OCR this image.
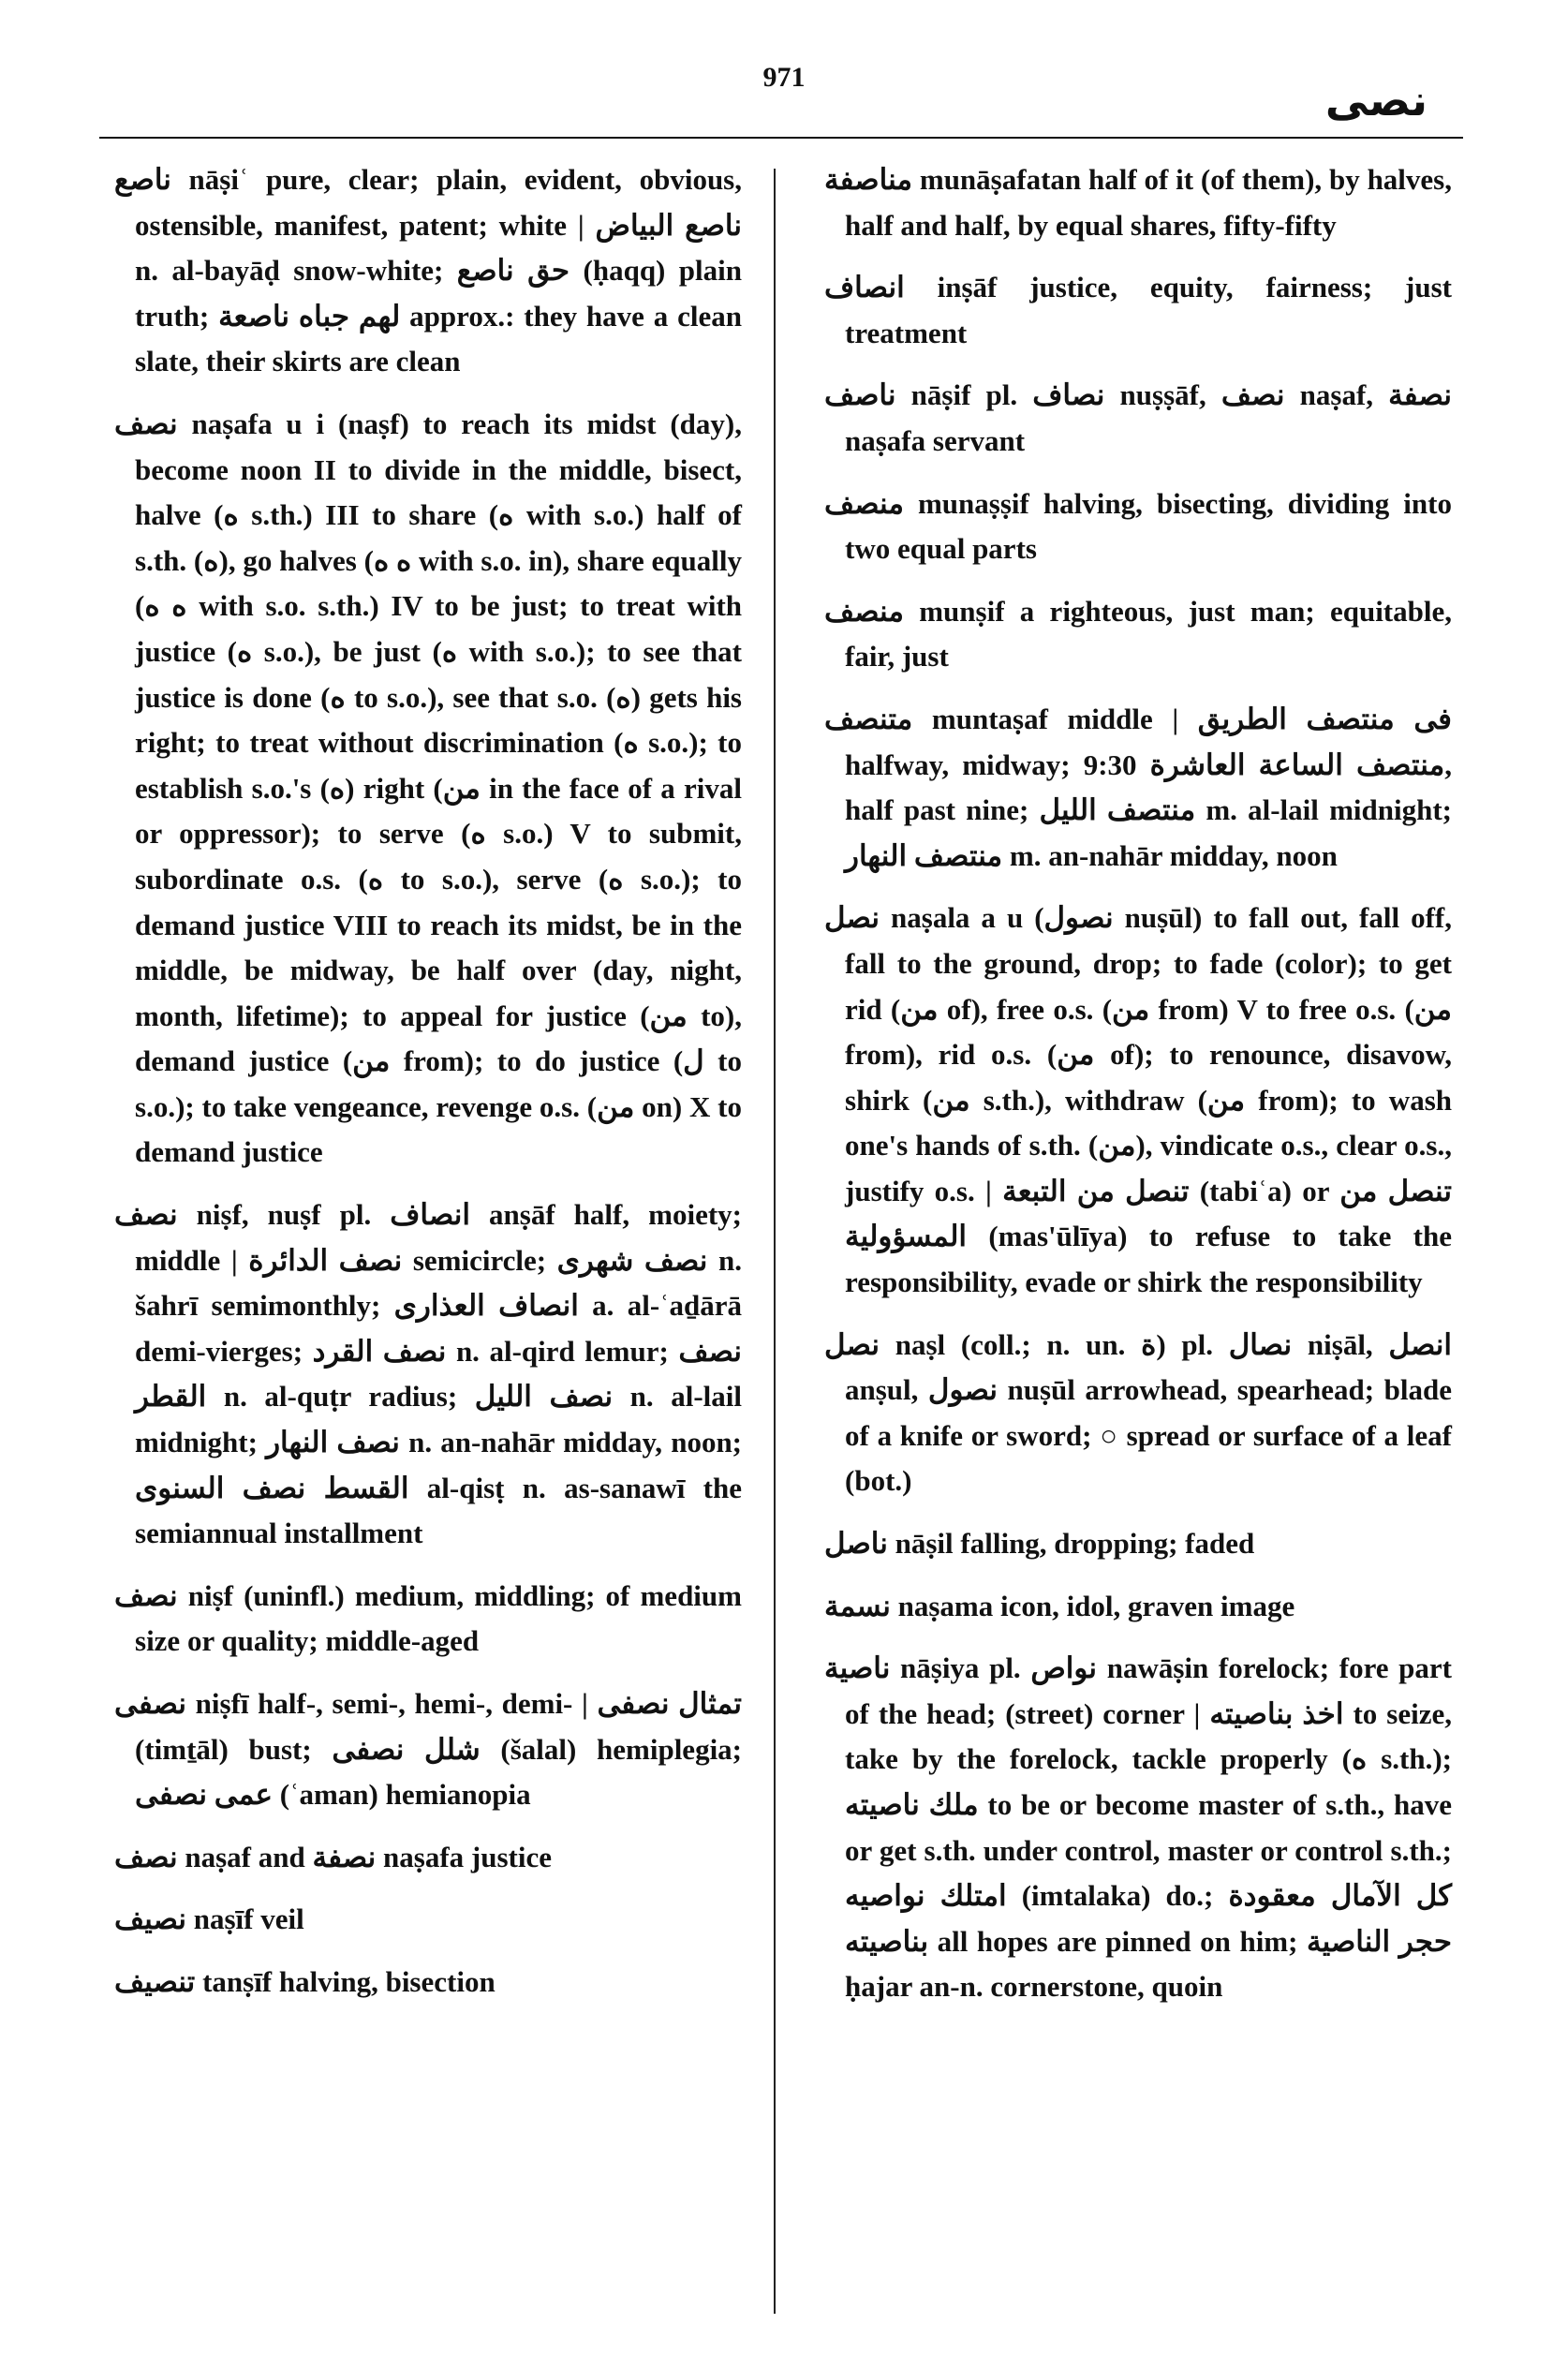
971	نصى

ناصع nāṣiʿ pure, clear; plain, evident, obvious, ostensible, manifest, patent; white | ناصع البياض n. al-bayāḍ snow-white; حق ناصع (ḥaqq) plain truth; لهم جباه ناصعة approx.: they have a clean slate, their skirts are clean

نصف naṣafa u i (naṣf) to reach its midst (day), become noon II to divide in the middle, bisect, halve (ه s.th.) III to share (ه with s.o.) half of s.th. (ه), go halves (ه ه with s.o. in), share equally (ه ه with s.o. s.th.) IV to be just; to treat with justice (ه s.o.), be just (ه with s.o.); to see that justice is done (ه to s.o.), see that s.o. (ه) gets his right; to treat without discrimination (ه s.o.); to establish s.o.'s (ه) right (من in the face of a rival or oppressor); to serve (ه s.o.) V to submit, subordinate o.s. (ه to s.o.), serve (ه s.o.); to demand justice VIII to reach its midst, be in the middle, be midway, be half over (day, night, month, lifetime); to appeal for justice (من to), demand justice (من from); to do justice (ل to s.o.); to take vengeance, revenge o.s. (من on) X to demand justice

نصف niṣf, nuṣf pl. انصاف anṣāf half, moiety; middle | نصف الدائرة semicircle; نصف شهرى n. šahrī semimonthly; انصاف العذارى a. al-ʿaḏārā demi-vierges; نصف القرد n. al-qird lemur; نصف القطر n. al-quṭr radius; نصف الليل n. al-lail midnight; نصف النهار n. an-nahār midday, noon; القسط نصف السنوى al-qisṭ n. as-sanawī the semiannual installment

نصف niṣf (uninfl.) medium, middling; of medium size or quality; middle-aged

نصفى niṣfī half-, semi-, hemi-, demi- | تمثال نصفى (timṯāl) bust; شلل نصفى (šalal) hemiplegia; عمى نصفى (ʿaman) hemianopia

نصف naṣaf and نصفة naṣafa justice

نصيف naṣīf veil

تنصيف tanṣīf halving, bisection

مناصفة munāṣafatan half of it (of them), by halves, half and half, by equal shares, fifty-fifty

انصاف inṣāf justice, equity, fairness; just treatment

ناصف nāṣif pl. نصاف nuṣṣāf, نصف naṣaf, نصفة naṣafa servant

منصف munaṣṣif halving, bisecting, dividing into two equal parts

منصف munṣif a righteous, just man; equitable, fair, just

متنصف muntaṣaf middle | فى منتصف الطريق halfway, midway; منتصف الساعة العاشرة 9:30, half past nine; منتصف الليل m. al-lail midnight; منتصف النهار m. an-nahār midday, noon

نصل naṣala a u (نصول nuṣūl) to fall out, fall off, fall to the ground, drop; to fade (color); to get rid (من of), free o.s. (من from) V to free o.s. (من from), rid o.s. (من of); to renounce, disavow, shirk (من s.th.), withdraw (من from); to wash one's hands of s.th. (من), vindicate o.s., clear o.s., justify o.s. | تنصل من التبعة (tabiʿa) or تنصل من المسؤولية (mas'ūlīya) to refuse to take the responsibility, evade or shirk the responsibility

نصل naṣl (coll.; n. un. ة) pl. نصال niṣāl, انصل anṣul, نصول nuṣūl arrowhead, spearhead; blade of a knife or sword; ○ spread or surface of a leaf (bot.)

ناصل nāṣil falling, dropping; faded

نسمة naṣama icon, idol, graven image

ناصية nāṣiya pl. نواص nawāṣin forelock; fore part of the head; (street) corner | اخذ بناصيته to seize, take by the forelock, tackle properly (ه s.th.); ملك ناصيته to be or become master of s.th., have or get s.th. under control, master or control s.th.; امتلك نواصيه (imtalaka) do.; كل الآمال معقودة بناصيته all hopes are pinned on him; حجر الناصية ḥajar an-n. cornerstone, quoin
